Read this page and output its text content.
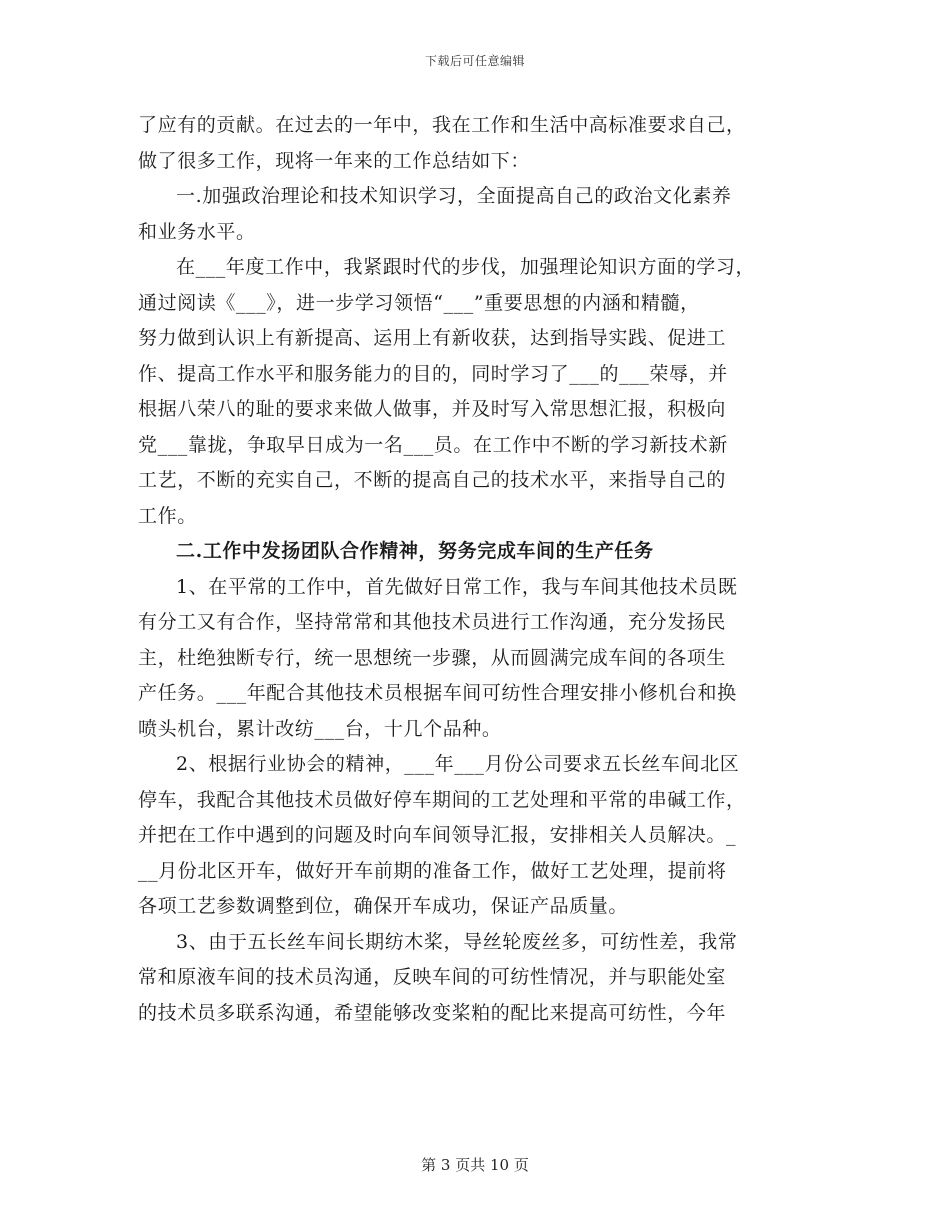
下载后可任意编辑
了应有的贡献。在过去的一年中，我在工作和生活中高标准要求自己，
做了很多工作，现将一年来的工作总结如下：
一.加强政治理论和技术知识学习，全面提高自己的政治文化素养
和业务水平。
在___年度工作中，我紧跟时代的步伐，加强理论知识方面的学习，
通过阅读《___》，进一步学习领悟“___”重要思想的内涵和精髓，
努力做到认识上有新提高、运用上有新收获，达到指导实践、促进工
作、提高工作水平和服务能力的目的，同时学习了___的___荣辱，并
根据八荣八的耻的要求来做人做事，并及时写入常思想汇报，积极向
党___靠拢，争取早日成为一名___员。在工作中不断的学习新技术新
工艺，不断的充实自己，不断的提高自己的技术水平，来指导自己的
工作。
二.工作中发扬团队合作精神，努务完成车间的生产任务
1、在平常的工作中，首先做好日常工作，我与车间其他技术员既
有分工又有合作，坚持常常和其他技术员进行工作沟通，充分发扬民
主，杜绝独断专行，统一思想统一步骤，从而圆满完成车间的各项生
产任务。___年配合其他技术员根据车间可纺性合理安排小修机台和换
喷头机台，累计改纺___台，十几个品种。
2、根据行业协会的精神，___年___月份公司要求五长丝车间北区
停车，我配合其他技术员做好停车期间的工艺处理和平常的串碱工作，
并把在工作中遇到的问题及时向车间领导汇报，安排相关人员解决。_
__月份北区开车，做好开车前期的准备工作，做好工艺处理，提前将
各项工艺参数调整到位，确保开车成功，保证产品质量。
3、由于五长丝车间长期纺木桨，导丝轮废丝多，可纺性差，我常
常和原液车间的技术员沟通，反映车间的可纺性情况，并与职能处室
的技术员多联系沟通，希望能够改变桨粕的配比来提高可纺性，今年
第 3 页共 10 页
